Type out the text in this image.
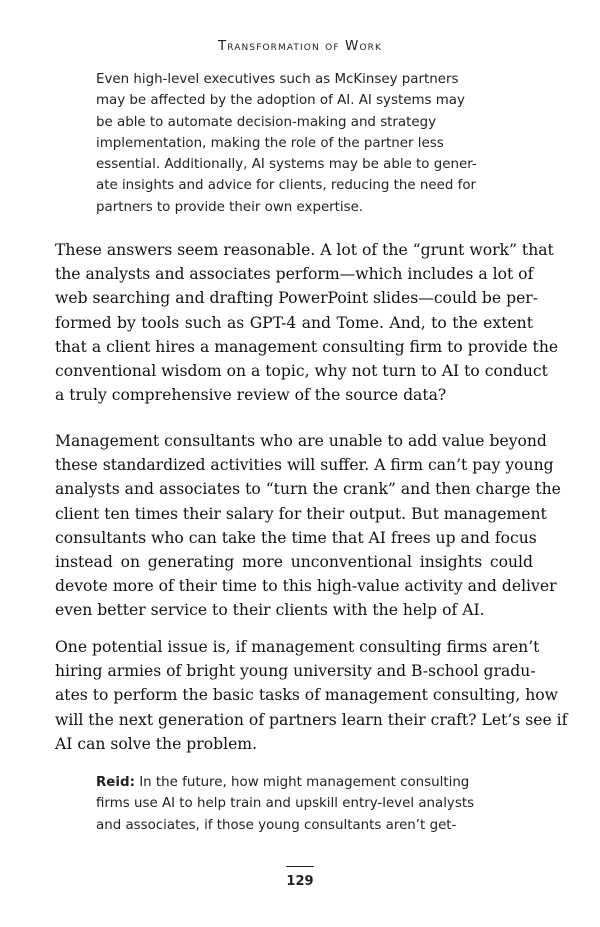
Transformation of Work
Even high-level executives such as McKinsey partners
may be affected by the adoption of AI. AI systems may
be able to automate decision-making and strategy
implementation, making the role of the partner less
essential. Additionally, AI systems may be able to gener-
ate insights and advice for clients, reducing the need for
partners to provide their own expertise.
These answers seem reasonable. A lot of the “grunt work” that
the analysts and associates perform—which includes a lot of
web searching and drafting PowerPoint slides—could be per-
formed by tools such as GPT-4 and Tome. And, to the extent
that a client hires a management consulting firm to provide the
conventional wisdom on a topic, why not turn to AI to conduct
a truly comprehensive review of the source data?
Management consultants who are unable to add value beyond
these standardized activities will suffer. A firm can’t pay young
analysts and associates to “turn the crank” and then charge the
client ten times their salary for their output. But management
consultants who can take the time that AI frees up and focus
instead on generating more unconventional insights could
devote more of their time to this high-value activity and deliver
even better service to their clients with the help of AI.
One potential issue is, if management consulting firms aren’t
hiring armies of bright young university and B-school gradu-
ates to perform the basic tasks of management consulting, how
will the next generation of partners learn their craft? Let’s see if
AI can solve the problem.
Reid: In the future, how might management consulting
firms use AI to help train and upskill entry-level analysts
and associates, if those young consultants aren’t get-
129
